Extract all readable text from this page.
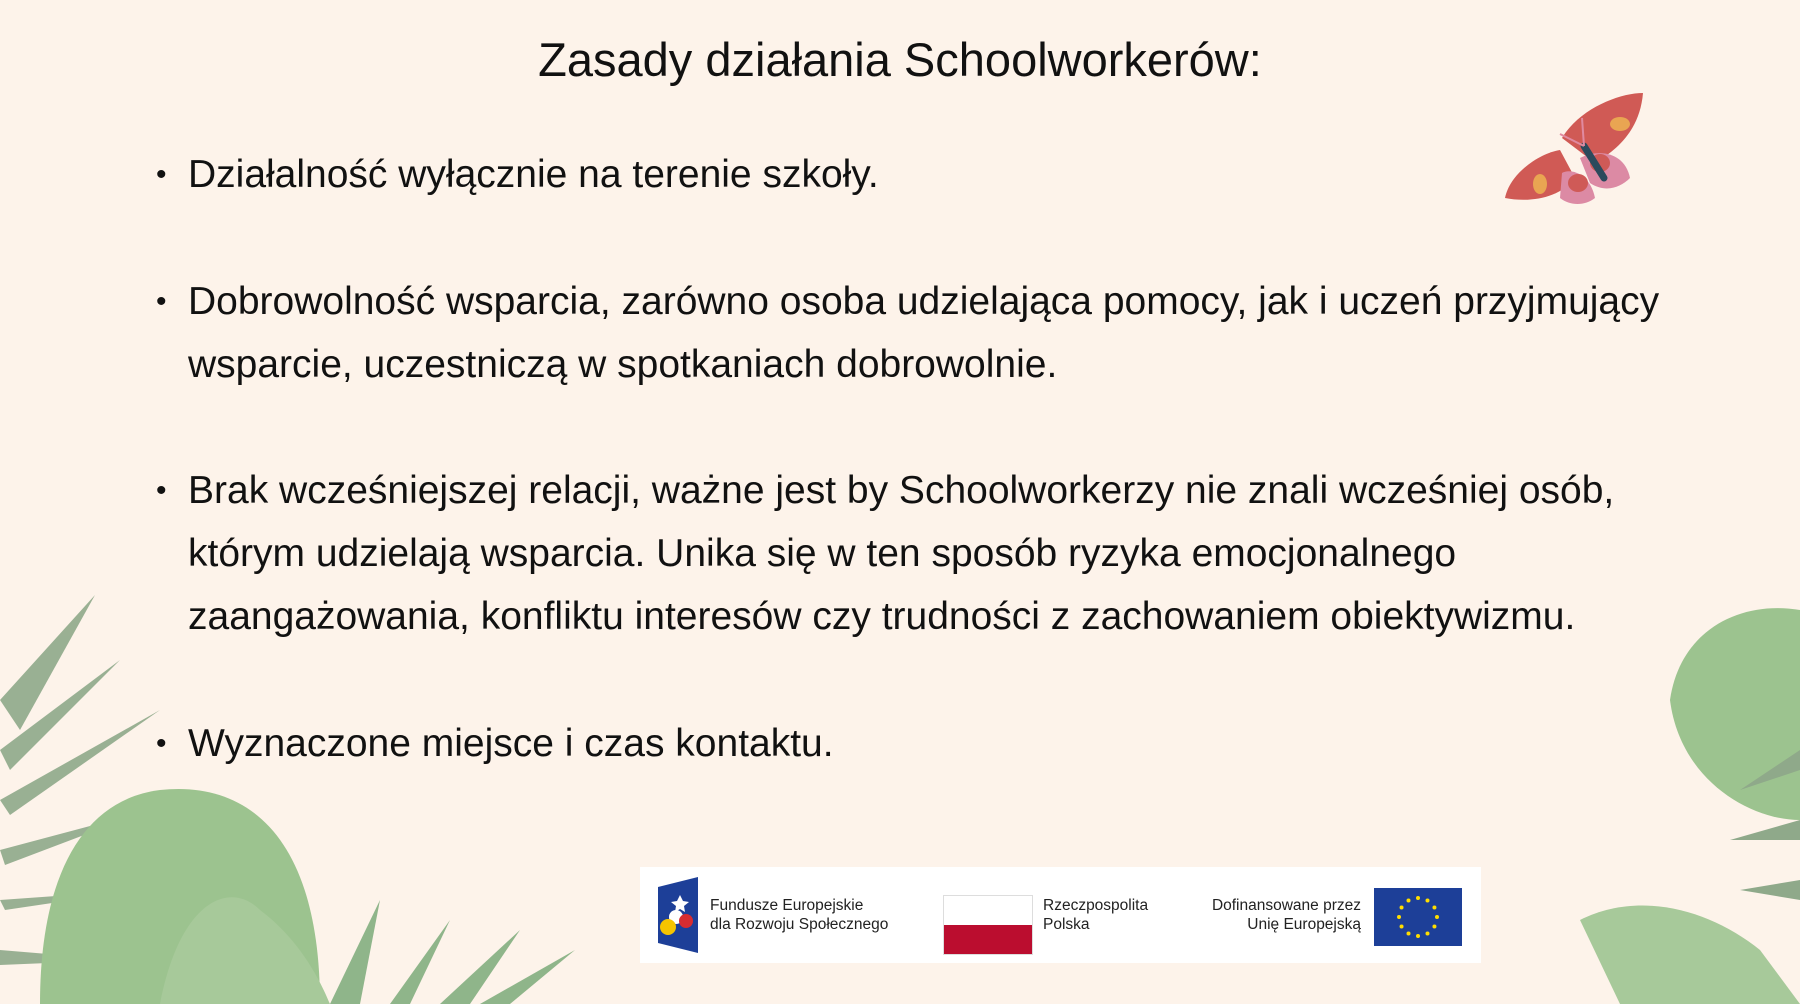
Zasady działania Schoolworkerów:
• Działalność wyłącznie na terenie szkoły.
• Dobrowolność wsparcia, zarówno osoba udzielająca pomocy, jak i uczeń przyjmujący wsparcie, uczestniczą w spotkaniach dobrowolnie.
• Brak wcześniejszej relacji, ważne jest by Schoolworkerzy nie znali wcześniej osób, którym udzielają wsparcia. Unika się w ten sposób ryzyka emocjonalnego zaangażowania, konfliktu interesów czy trudności z zachowaniem obiektywizmu.
• Wyznaczone miejsce i czas kontaktu.
Fundusze Europejskie
dla Rozwoju Społecznego
Rzeczpospolita
Polska
Dofinansowane przez
Unię Europejską
